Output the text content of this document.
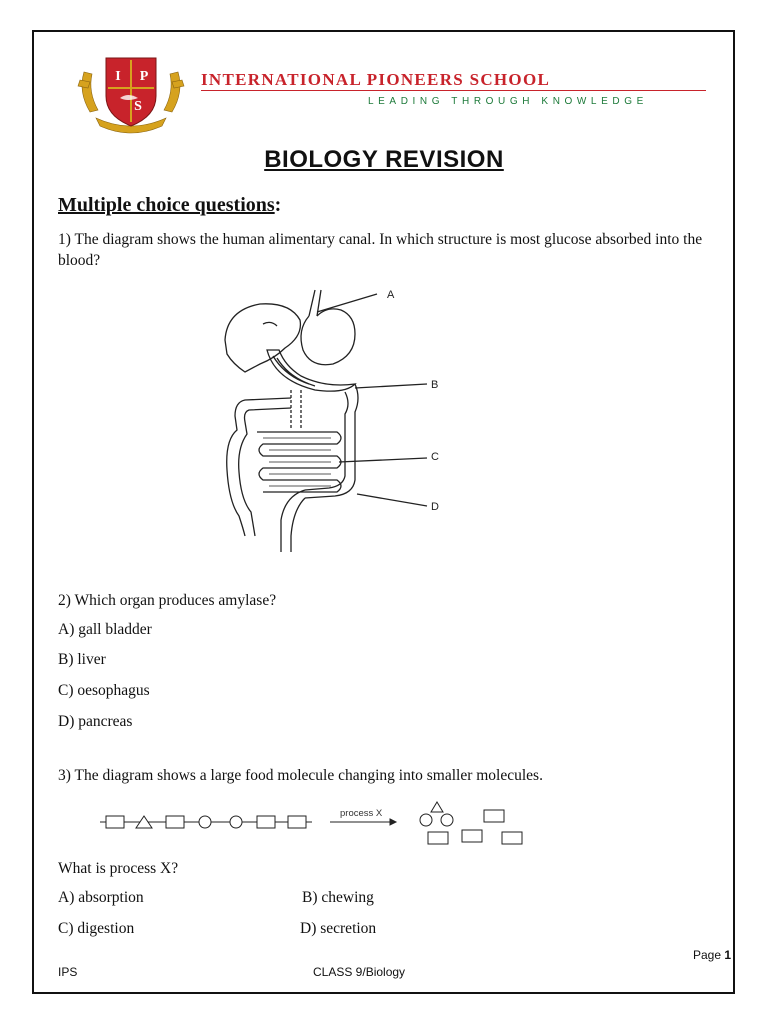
I P
S
INTERNATIONAL PIONEERS SCHOOL
LEADING THROUGH KNOWLEDGE
BIOLOGY REVISION
Multiple choice questions:
1) The diagram shows the human alimentary canal. In which structure is most glucose absorbed into the blood?
A
B
C
D
2) Which organ produces amylase?
A) gall bladder
B) liver
C) oesophagus
D) pancreas
3) The diagram shows a large food molecule changing into smaller molecules.
process X
What is process X?
A) absorption	B) chewing
C) digestion	D) secretion
Page 1
IPS	CLASS 9/Biology
